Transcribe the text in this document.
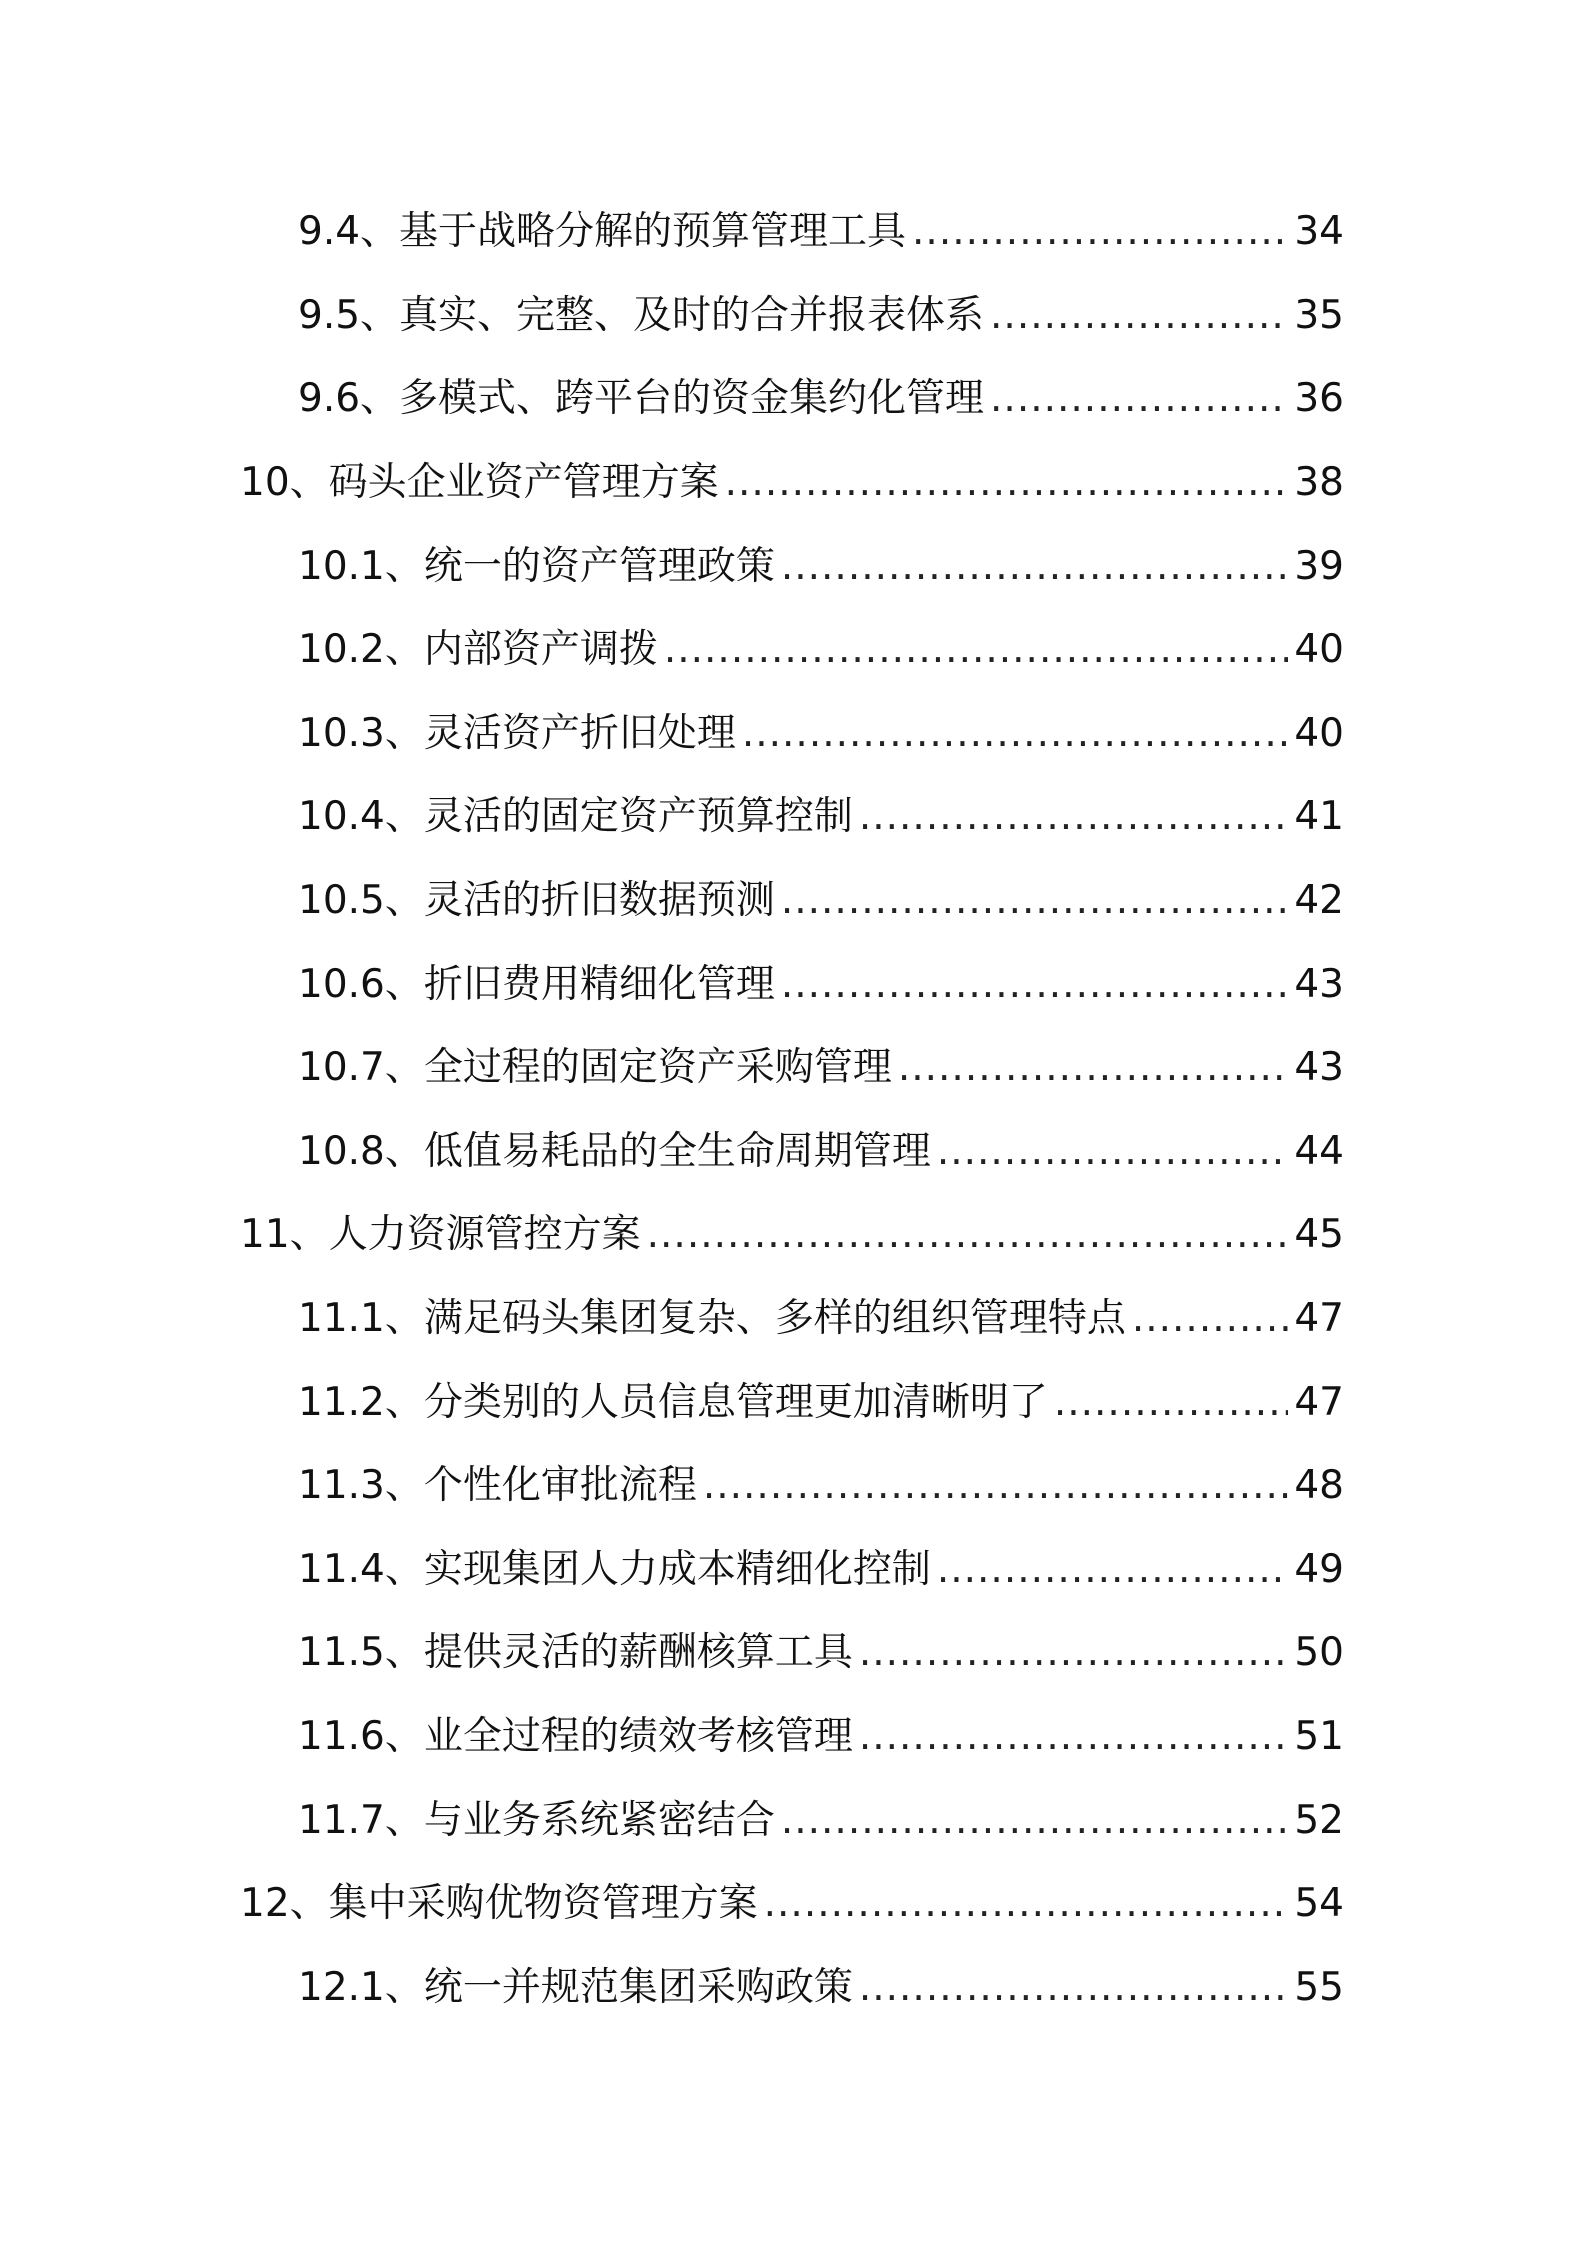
9.4、基于战略分解的预算管理工具 .....	34
9.5、真实、完整、及时的合并报表体系 .....	35
9.6、多模式、跨平台的资金集约化管理 .....	36
10、码头企业资产管理方案 .....	38
10.1、统一的资产管理政策 .....	39
10.2、内部资产调拨 .....	40
10.3、灵活资产折旧处理 .....	40
10.4、灵活的固定资产预算控制 .....	41
10.5、灵活的折旧数据预测 .....	42
10.6、折旧费用精细化管理 .....	43
10.7、全过程的固定资产采购管理 .....	43
10.8、低值易耗品的全生命周期管理 .....	44
11、人力资源管控方案 .....	45
11.1、满足码头集团复杂、多样的组织管理特点 .....	47
11.2、分类别的人员信息管理更加清晰明了 .....	47
11.3、个性化审批流程 .....	48
11.4、实现集团人力成本精细化控制 .....	49
11.5、提供灵活的薪酬核算工具 .....	50
11.6、业全过程的绩效考核管理 .....	51
11.7、与业务系统紧密结合 .....	52
12、集中采购优物资管理方案 .....	54
12.1、统一并规范集团采购政策 .....	55
